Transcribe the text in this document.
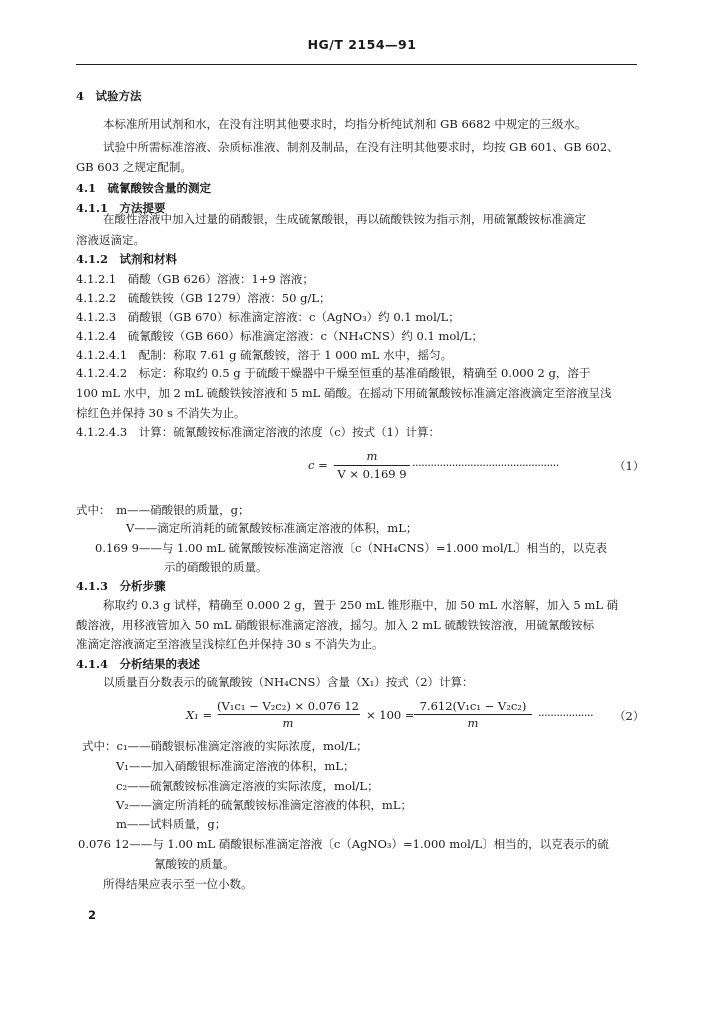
HG/T 2154—91
4　试验方法
本标准所用试剂和水，在没有注明其他要求时，均指分析纯试剂和 GB 6682 中规定的三级水。
试验中所需标准溶液、杂质标准液、制剂及制品，在没有注明其他要求时，均按 GB 601、GB 602、
GB 603 之规定配制。
4.1　硫氰酸铵含量的测定
4.1.1　方法提要
在酸性溶液中加入过量的硝酸银，生成硫氰酸银，再以硫酸铁铵为指示剂，用硫氰酸铵标准滴定
溶液返滴定。
4.1.2　试剂和材料
4.1.2.1　硝酸（GB 626）溶液：1+9 溶液；
4.1.2.2　硫酸铁铵（GB 1279）溶液：50 g/L；
4.1.2.3　硝酸银（GB 670）标准滴定溶液：c（AgNO₃）约 0.1 mol/L；
4.1.2.4　硫氰酸铵（GB 660）标准滴定溶液：c（NH₄CNS）约 0.1 mol/L；
4.1.2.4.1　配制：称取 7.61 g 硫氰酸铵，溶于 1 000 mL 水中，摇匀。
4.1.2.4.2　标定：称取约 0.5 g 于硫酸干燥器中干燥至恒重的基准硝酸银，精确至 0.000 2 g，溶于
100 mL 水中，加 2 mL 硫酸铁铵溶液和 5 mL 硝酸。在摇动下用硫氰酸铵标准滴定溶液滴定至溶液呈浅
棕红色并保持 30 s 不消失为止。
4.1.2.4.3　计算：硫氰酸铵标准滴定溶液的浓度（c）按式（1）计算：
c =
m
V × 0.169 9
················································	（1）
式中：　m——硝酸银的质量，g；
V——滴定所消耗的硫氰酸铵标准滴定溶液的体积，mL；
0.169 9——与 1.00 mL 硫氰酸铵标准滴定溶液〔c（NH₄CNS）=1.000 mol/L〕相当的，以克表
示的硝酸银的质量。
4.1.3　分析步骤
称取约 0.3 g 试样，精确至 0.000 2 g，置于 250 mL 锥形瓶中，加 50 mL 水溶解，加入 5 mL 硝
酸溶液，用移液管加入 50 mL 硝酸银标准滴定溶液，摇匀。加入 2 mL 硫酸铁铵溶液，用硫氰酸铵标
准滴定溶液滴定至溶液呈浅棕红色并保持 30 s 不消失为止。
4.1.4　分析结果的表述
以质量百分数表示的硫氰酸铵（NH₄CNS）含量（X₁）按式（2）计算：
X₁ =
(V₁c₁ − V₂c₂) × 0.076 12
m
× 100 =
7.612(V₁c₁ − V₂c₂)
m
··················	（2）
式中：c₁——硝酸银标准滴定溶液的实际浓度，mol/L；
V₁——加入硝酸银标准滴定溶液的体积，mL；
c₂——硫氰酸铵标准滴定溶液的实际浓度，mol/L；
V₂——滴定所消耗的硫氰酸铵标准滴定溶液的体积，mL；
m——试料质量，g；
0.076 12——与 1.00 mL 硝酸银标准滴定溶液〔c（AgNO₃）=1.000 mol/L〕相当的，以克表示的硫
氰酸铵的质量。
所得结果应表示至一位小数。
2
